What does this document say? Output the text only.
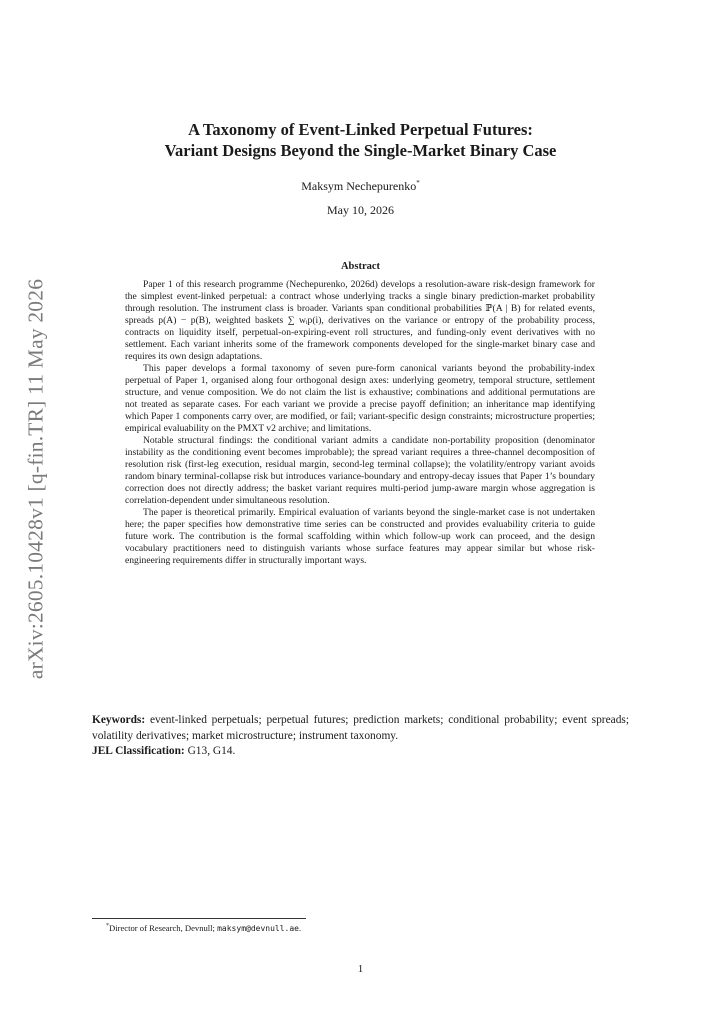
arXiv:2605.10428v1 [q-fin.TR] 11 May 2026
A Taxonomy of Event-Linked Perpetual Futures:
Variant Designs Beyond the Single-Market Binary Case
Maksym Nechepurenko*
May 10, 2026
Abstract

Paper 1 of this research programme (Nechepurenko, 2026d) develops a resolution-aware risk-design framework for the simplest event-linked perpetual: a contract whose underlying tracks a single binary prediction-market probability through resolution. The instrument class is broader. Variants span conditional probabilities ℙ(A | B) for related events, spreads p(A) − p(B), weighted baskets ∑ wᵢp(i), derivatives on the variance or entropy of the probability process, contracts on liquidity itself, perpetual-on-expiring-event roll structures, and funding-only event derivatives with no settlement. Each variant inherits some of the framework components developed for the single-market binary case and requires its own design adaptations.

This paper develops a formal taxonomy of seven pure-form canonical variants beyond the probability-index perpetual of Paper 1, organised along four orthogonal design axes: underlying geometry, temporal structure, settlement structure, and venue composition. We do not claim the list is exhaustive; combinations and additional permutations are not treated as separate cases. For each variant we provide a precise payoff definition; an inheritance map identifying which Paper 1 components carry over, are modified, or fail; variant-specific design constraints; microstructure properties; empirical evaluability on the PMXT v2 archive; and limitations.

Notable structural findings: the conditional variant admits a candidate non-portability proposition (denominator instability as the conditioning event becomes improbable); the spread variant requires a three-channel decomposition of resolution risk (first-leg execution, residual margin, second-leg terminal collapse); the volatility/entropy variant avoids random binary terminal-collapse risk but introduces variance-boundary and entropy-decay issues that Paper 1’s boundary correction does not directly address; the basket variant requires multi-period jump-aware margin whose aggregation is correlation-dependent under simultaneous resolution.

The paper is theoretical primarily. Empirical evaluation of variants beyond the single-market case is not undertaken here; the paper specifies how demonstrative time series can be constructed and provides evaluability criteria to guide future work. The contribution is the formal scaffolding within which follow-up work can proceed, and the design vocabulary practitioners need to distinguish variants whose surface features may appear similar but whose risk-engineering requirements differ in structurally important ways.

Keywords: event-linked perpetuals; perpetual futures; prediction markets; conditional probability; event spreads; volatility derivatives; market microstructure; instrument taxonomy.
JEL Classification: G13, G14.
*Director of Research, Devnull; maksym@devnull.ae.
1
